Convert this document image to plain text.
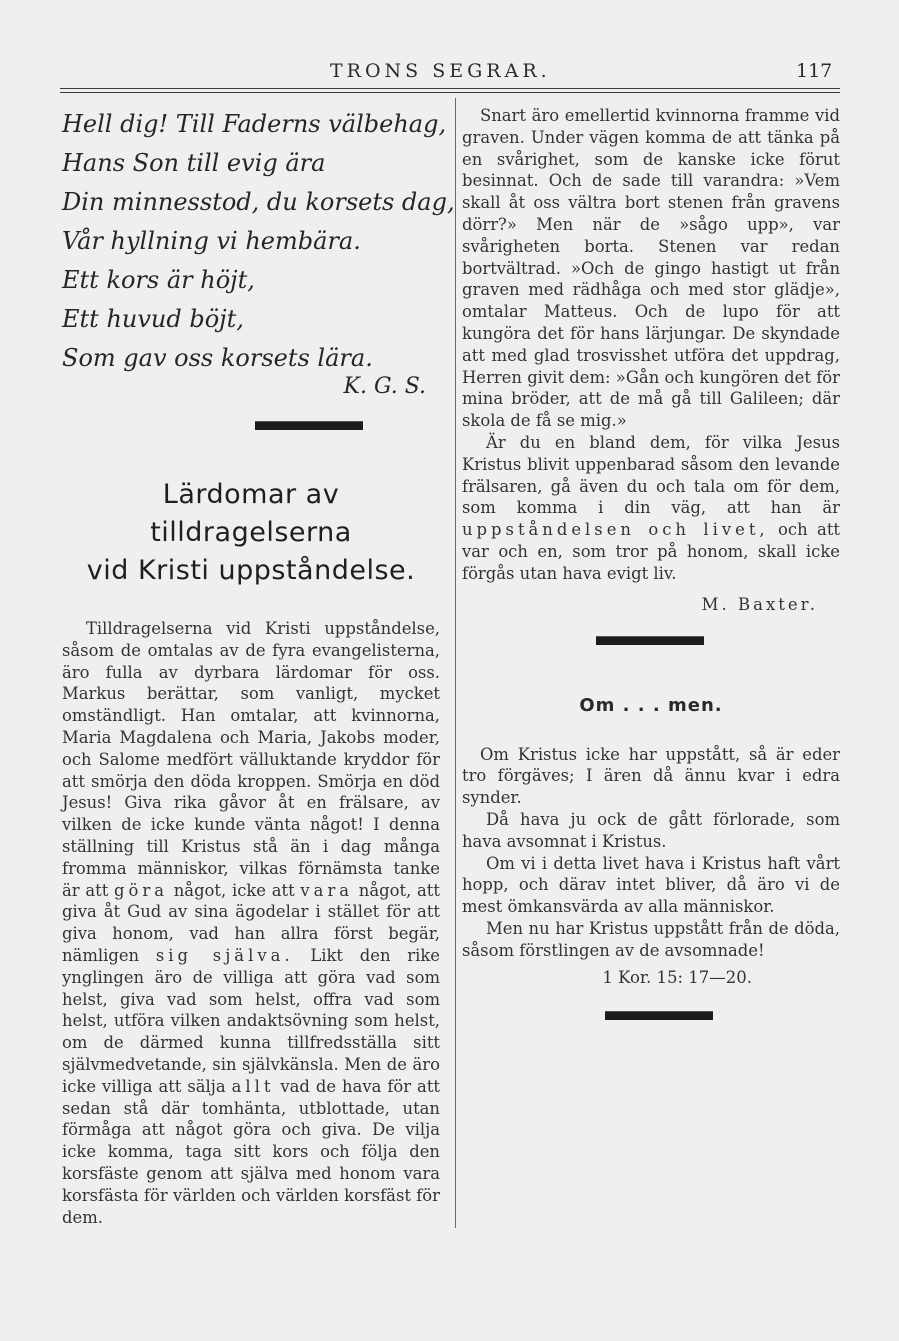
TRONS SEGRAR.	117
Hell dig! Till Faderns välbehag,
Hans Son till evig ära
Din minnesstod, du korsets dag,
Vår hyllning vi hembära.
Ett kors är höjt,
Ett huvud böjt,
Som gav oss korsets lära.
K. G. S.
Lärdomar av tilldragelserna
vid Kristi uppståndelse.

Tilldragelserna vid Kristi uppståndelse, såsom de omtalas av de fyra evangelisterna, äro fulla av dyrbara lärdomar för oss. Markus berättar, som vanligt, mycket omständligt. Han omtalar, att kvinnorna, Maria Magdalena och Maria, Jakobs moder, och Salome medfört välluktande kryddor för att smörja den döda kroppen. Smörja en död Jesus! Giva rika gåvor åt en frälsare, av vilken de icke kunde vänta något! I denna ställning till Kristus stå än i dag många fromma människor, vilkas förnämsta tanke är att göra något, icke att vara något, att giva åt Gud av sina ägodelar i stället för att giva honom, vad han allra först begär, nämligen sig själva. Likt den rike ynglingen äro de villiga att göra vad som helst, giva vad som helst, offra vad som helst, utföra vilken andaktsövning som helst, om de därmed kunna tillfredsställa sitt självmedvetande, sin självkänsla. Men de äro icke villiga att sälja allt vad de hava för att sedan stå där tomhänta, utblottade, utan förmåga att något göra och giva. De vilja icke komma, taga sitt kors och följa den korsfäste genom att själva med honom vara korsfästa för världen och världen korsfäst för dem.

Snart äro emellertid kvinnorna framme vid graven. Under vägen komma de att tänka på en svårighet, som de kanske icke förut besinnat. Och de sade till varandra: »Vem skall åt oss vältra bort stenen från gravens dörr?» Men när de »sågo upp», var svårigheten borta. Stenen var redan bortvältrad. »Och de gingo hastigt ut från graven med rädhåga och med stor glädje», omtalar Matteus. Och de lupo för att kungöra det för hans lärjungar. De skyndade att med glad trosvisshet utföra det uppdrag, Herren givit dem: »Gån och kungören det för mina bröder, att de må gå till Galileen; där skola de få se mig.»

Är du en bland dem, för vilka Jesus Kristus blivit uppenbarad såsom den levande frälsaren, gå även du och tala om för dem, som komma i din väg, att han är uppståndelsen och livet, och att var och en, som tror på honom, skall icke förgås utan hava evigt liv.

M. Baxter.
Om . . . men.

Om Kristus icke har uppstått, så är eder tro förgäves; I ären då ännu kvar i edra synder.

Då hava ju ock de gått förlorade, som hava avsomnat i Kristus.

Om vi i detta livet hava i Kristus haft vårt hopp, och därav intet bliver, då äro vi de mest ömkansvärda av alla människor.

Men nu har Kristus uppstått från de döda, såsom förstlingen av de avsomnade!

1 Kor. 15: 17—20.
